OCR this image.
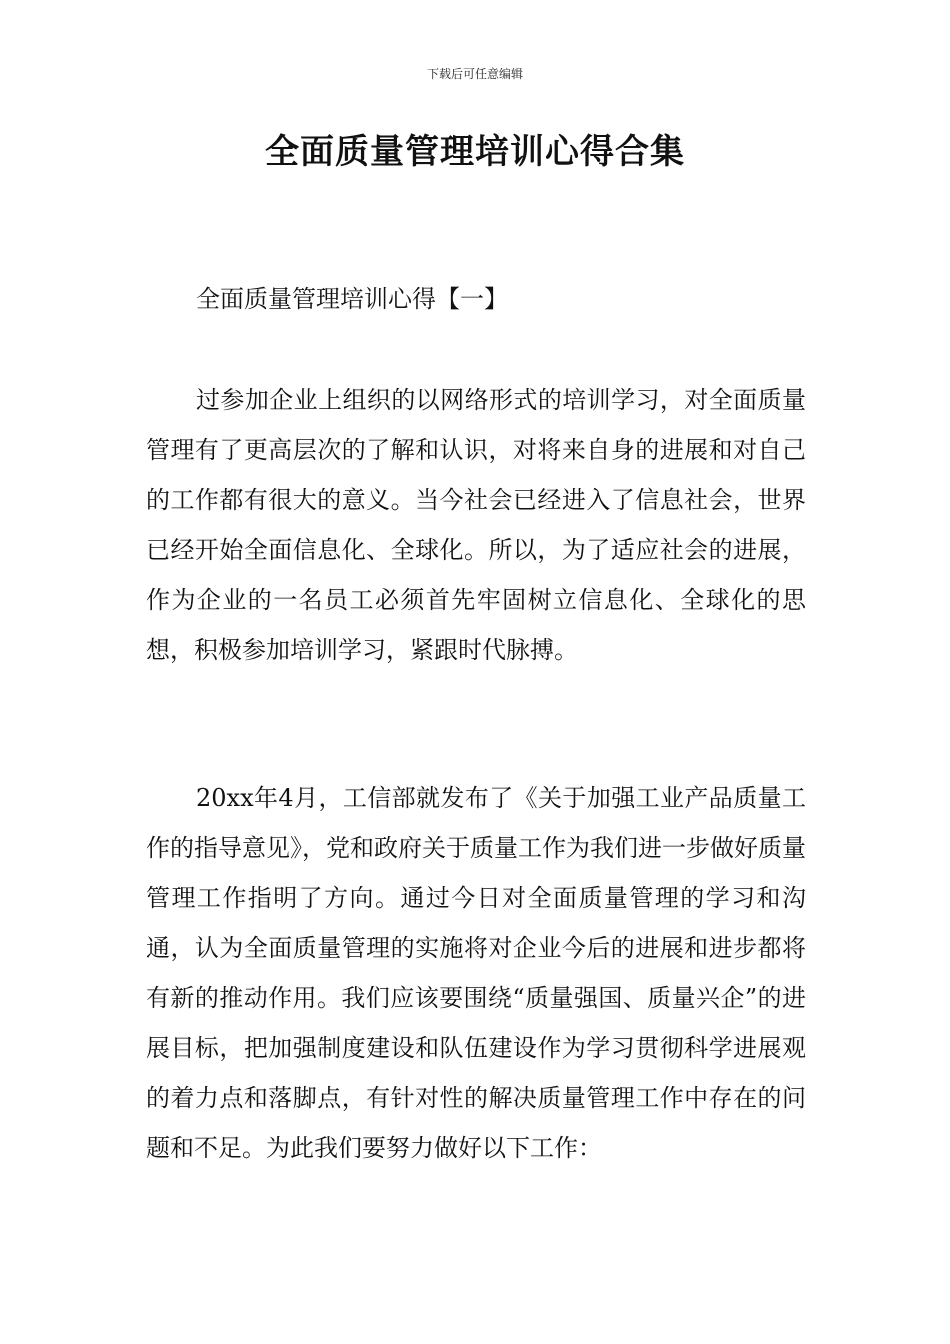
下载后可任意编辑
全面质量管理培训心得合集
全面质量管理培训心得【一】

过参加企业上组织的以网络形式的培训学习，对全面质量管理有了更高层次的了解和认识，对将来自身的进展和对自己的工作都有很大的意义。当今社会已经进入了信息社会，世界已经开始全面信息化、全球化。所以，为了适应社会的进展，作为企业的一名员工必须首先牢固树立信息化、全球化的思想，积极参加培训学习，紧跟时代脉搏。

20xx年4月，工信部就发布了《关于加强工业产品质量工作的指导意见》，党和政府关于质量工作为我们进一步做好质量管理工作指明了方向。通过今日对全面质量管理的学习和沟通，认为全面质量管理的实施将对企业今后的进展和进步都将有新的推动作用。我们应该要围绕“质量强国、质量兴企”的进展目标，把加强制度建设和队伍建设作为学习贯彻科学进展观的着力点和落脚点，有针对性的解决质量管理工作中存在的问题和不足。为此我们要努力做好以下工作：
